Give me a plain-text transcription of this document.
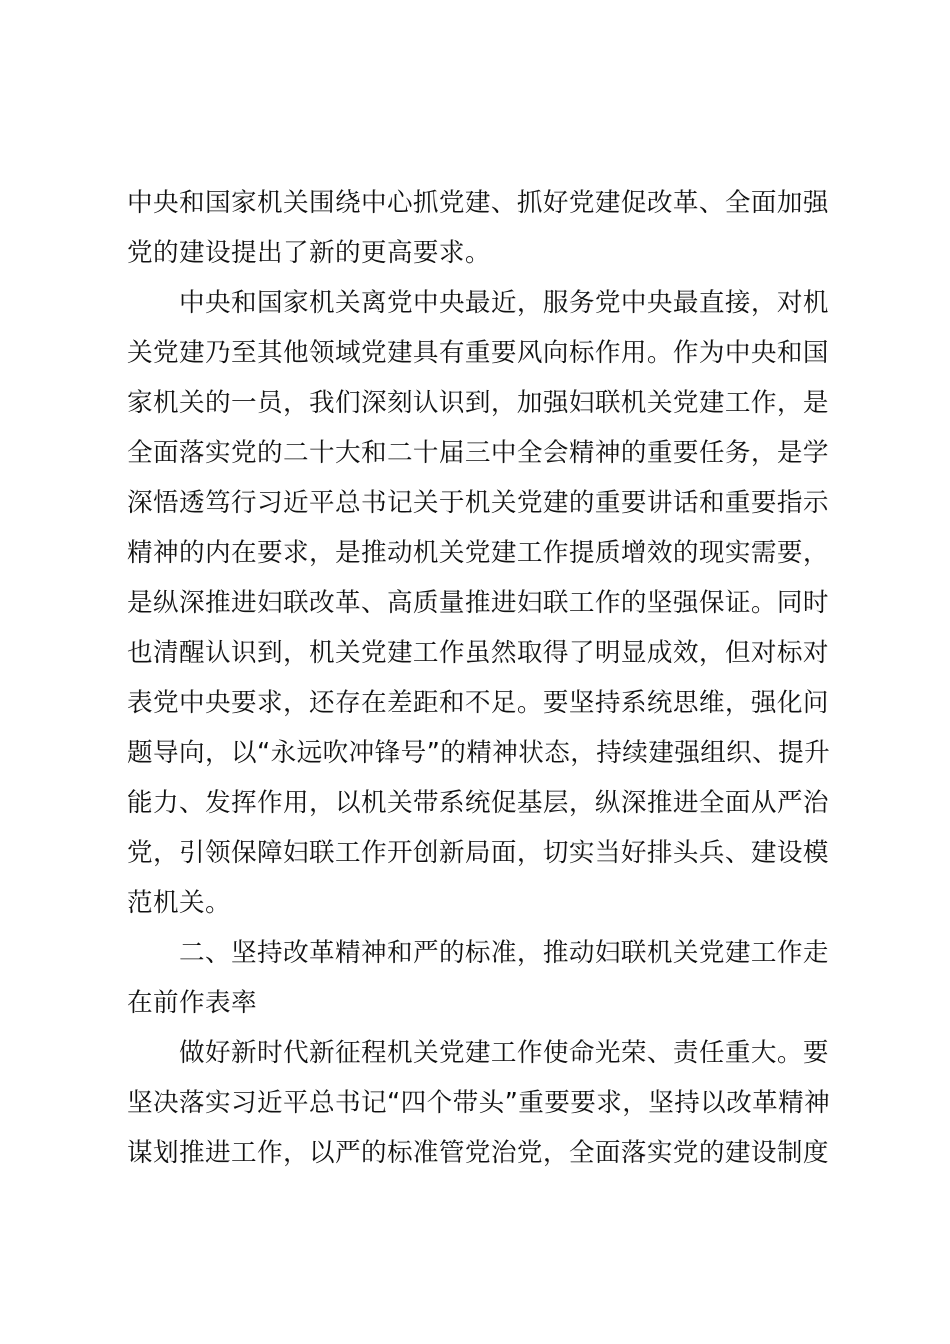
中央和国家机关围绕中心抓党建、抓好党建促改革、全面加强
党的建设提出了新的更高要求。
中央和国家机关离党中央最近，服务党中央最直接，对机
关党建乃至其他领域党建具有重要风向标作用。作为中央和国
家机关的一员，我们深刻认识到，加强妇联机关党建工作，是
全面落实党的二十大和二十届三中全会精神的重要任务，是学
深悟透笃行习近平总书记关于机关党建的重要讲话和重要指示
精神的内在要求，是推动机关党建工作提质增效的现实需要，
是纵深推进妇联改革、高质量推进妇联工作的坚强保证。同时
也清醒认识到，机关党建工作虽然取得了明显成效，但对标对
表党中央要求，还存在差距和不足。要坚持系统思维，强化问
题导向，以“永远吹冲锋号”的精神状态，持续建强组织、提升
能力、发挥作用，以机关带系统促基层，纵深推进全面从严治
党，引领保障妇联工作开创新局面，切实当好排头兵、建设模
范机关。
二、坚持改革精神和严的标准，推动妇联机关党建工作走
在前作表率
做好新时代新征程机关党建工作使命光荣、责任重大。要
坚决落实习近平总书记“四个带头”重要要求，坚持以改革精神
谋划推进工作，以严的标准管党治党，全面落实党的建设制度
